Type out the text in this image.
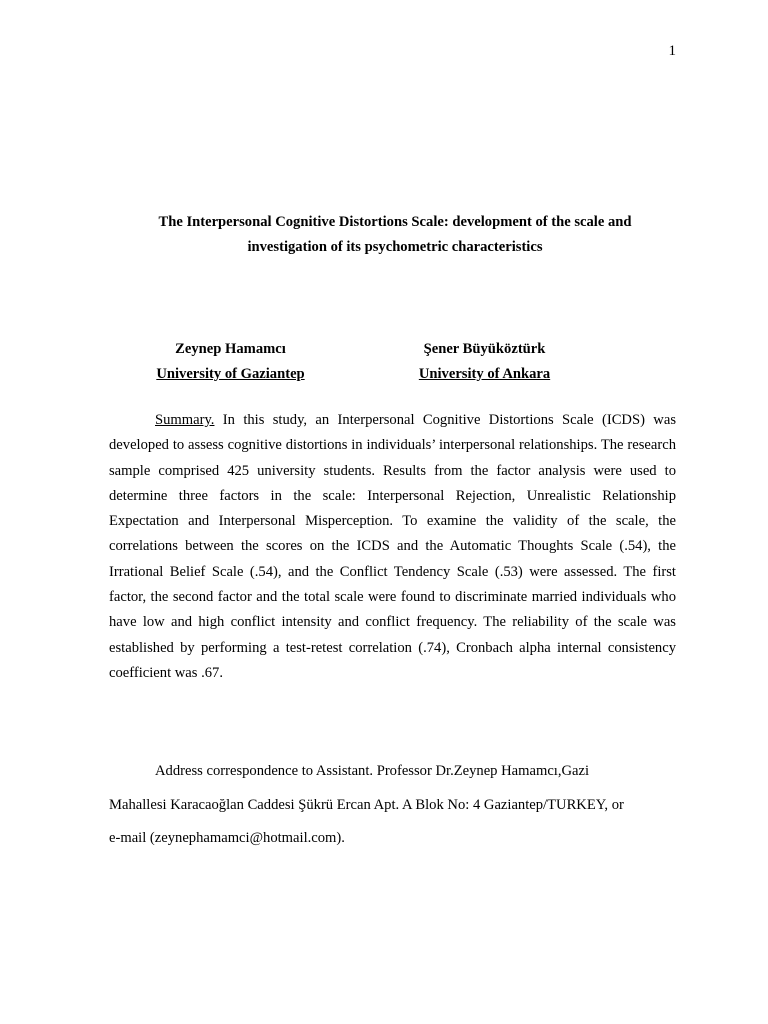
1
The Interpersonal Cognitive Distortions Scale: development of the scale and
investigation of its psychometric characteristics
Zeynep Hamamcı
University of Gaziantep
Şener Büyüköztürk
University of Ankara

Summary. In this study, an Interpersonal Cognitive Distortions Scale (ICDS) was developed to assess cognitive distortions in individuals’ interpersonal relationships. The research sample comprised 425 university students. Results from the factor analysis were used to determine three factors in the scale: Interpersonal Rejection, Unrealistic Relationship Expectation and Interpersonal Misperception. To examine the validity of the scale, the correlations between the scores on the ICDS and the Automatic Thoughts Scale (.54), the Irrational Belief Scale (.54), and the Conflict Tendency Scale (.53) were assessed. The first factor, the second factor and the total scale were found to discriminate married individuals who have low and high conflict intensity and conflict frequency. The reliability of the scale was established by performing a test-retest correlation (.74), Cronbach alpha internal consistency coefficient was .67.

Address correspondence to Assistant. Professor Dr.Zeynep Hamamcı,Gazi
Mahallesi Karacaoğlan Caddesi Şükrü Ercan Apt. A Blok No: 4 Gaziantep/TURKEY, or
e-mail (zeynephamamci@hotmail.com).
